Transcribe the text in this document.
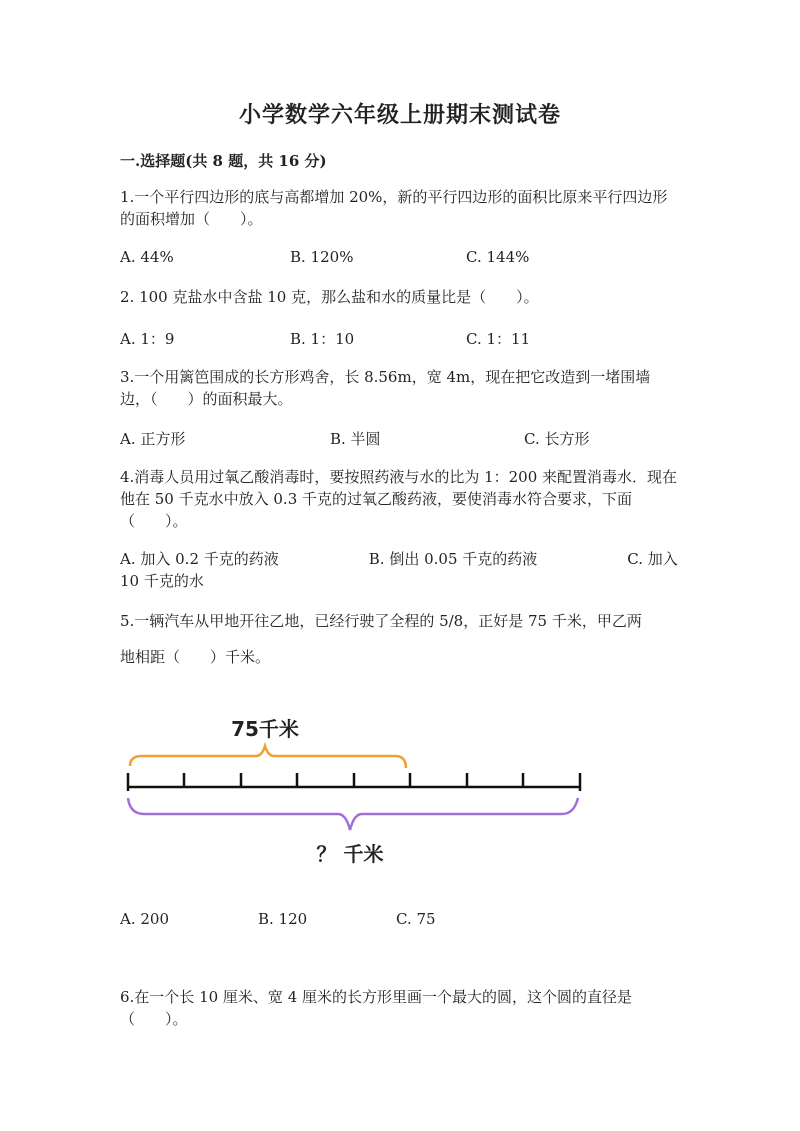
小学数学六年级上册期末测试卷
一.选择题(共 8 题，共 16 分)
1.一个平行四边形的底与高都增加 20%，新的平行四边形的面积比原来平行四边形的面积增加（　　）。
A. 44%	B. 120%	C. 144%
2. 100 克盐水中含盐 10 克，那么盐和水的质量比是（　　）。
A. 1：9	B. 1：10	C. 1：11
3.一个用篱笆围成的长方形鸡舍，长 8.56m，宽 4m，现在把它改造到一堵围墙边，（　　）的面积最大。
A. 正方形	B. 半圆	C. 长方形
4.消毒人员用过氧乙酸消毒时，要按照药液与水的比为 1：200 来配置消毒水．现在他在 50 千克水中放入 0.3 千克的过氧乙酸药液，要使消毒水符合要求，下面（　　）。
A. 加入 0.2 千克的药液　　　　　　B. 倒出 0.05 千克的药液　　　　　　C. 加入 10 千克的水
5.一辆汽车从甲地开往乙地，已经行驶了全程的 5/8，正好是 75 千米，甲乙两
地相距（　　）千米。
75千米
？ 千米
A. 200	B. 120	C. 75
6.在一个长 10 厘米、宽 4 厘米的长方形里画一个最大的圆，这个圆的直径是（　　）。
